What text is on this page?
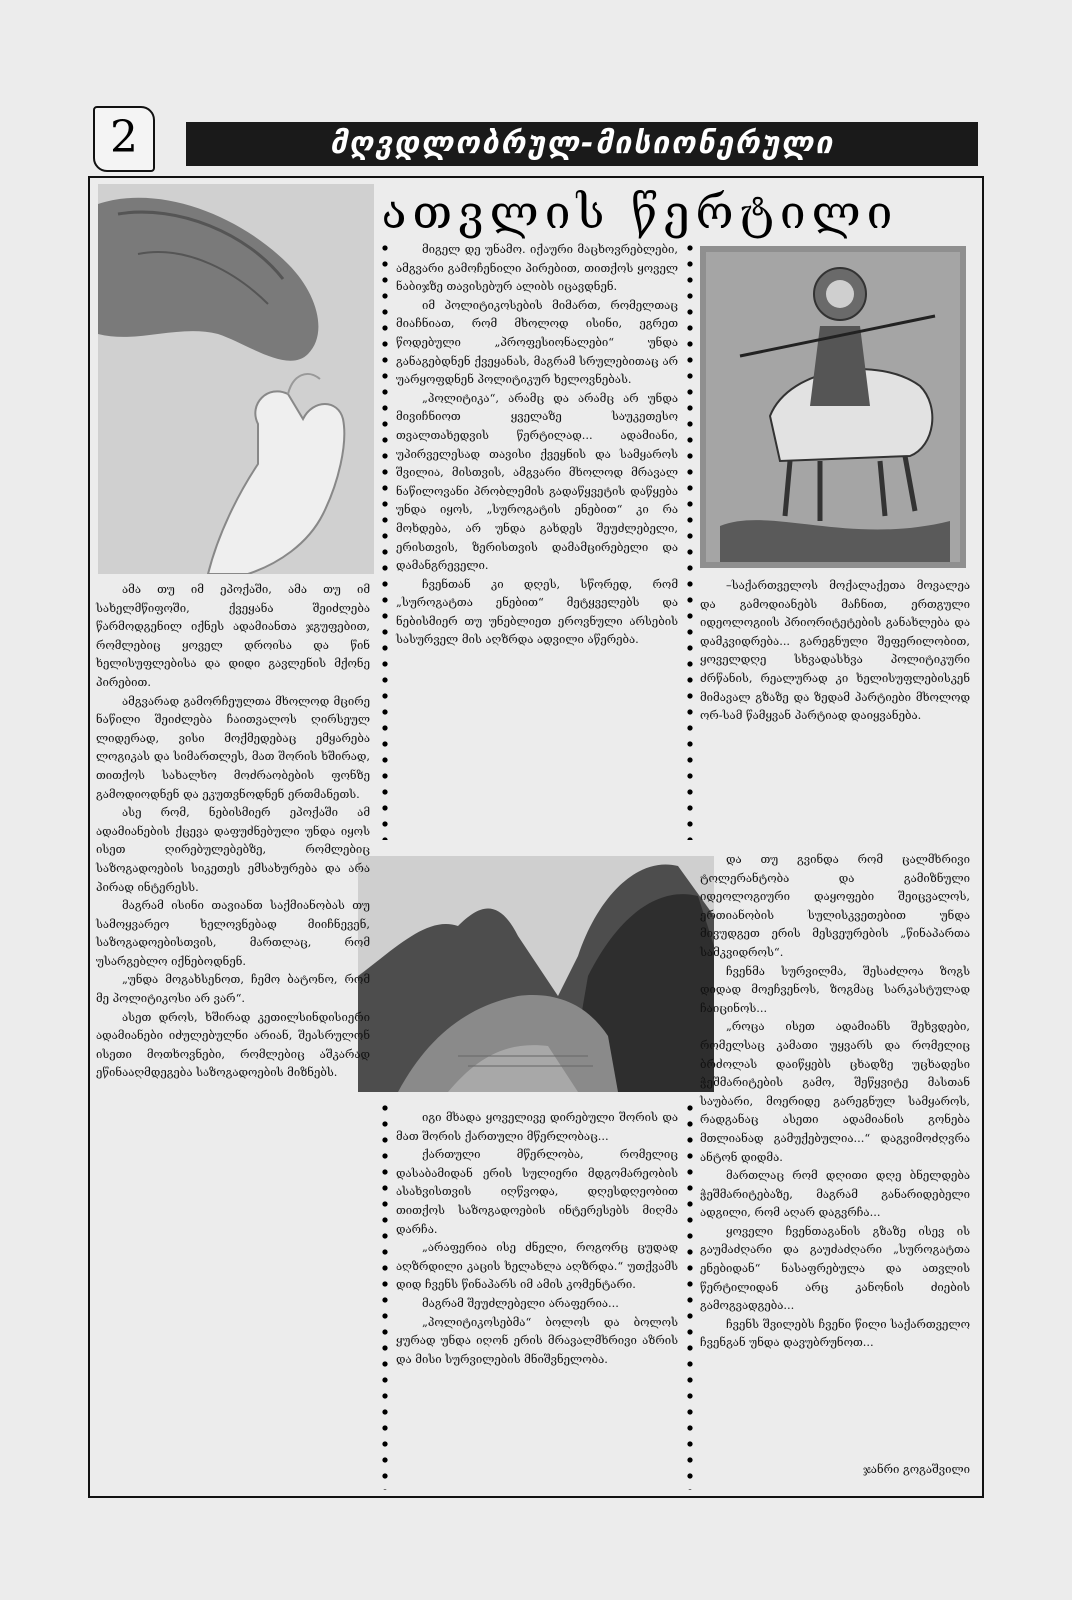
2	მღვდლობრულ-მისიონერული
ათვლის წერტილი

ამა თუ იმ ეპოქაში, ამა თუ იმ სახელმწიფოში, ქვეყანა შეიძლება წარმოდგენილ იქნეს ადამიანთა ჯგუფებით, რომლებიც ყოველ დროისა და წინ ხელისუფლებისა და დიდი გავლენის მქონე პირებით.

ამგვარად გამორჩეულთა მხოლოდ მცირე ნაწილი შეიძლება ჩაითვალოს ღირსეულ ლიდერად, ვისი მოქმედებაც ემყარება ლოგიკას და სიმართლეს, მათ შორის ხშირად, თითქოს სახალხო მოძრაობების ფონზე გამოდიოდნენ და ეკუთვნოდნენ ერთმანეთს.

ასე რომ, ნებისმიერ ეპოქაში ამ ადამიანების ქცევა დაფუძნებული უნდა იყოს ისეთ ღირებულებებზე, რომლებიც საზოგადოების სიკეთეს ემსახურება და არა პირად ინტერესს.

მაგრამ ისინი თავიანთ საქმიანობას თუ სამოყვარეო ხელოვნებად მიიჩნევენ, საზოგადოებისთვის, მართლაც, რომ უსარგებლო იქნებოდნენ.

„უნდა მოგახსენოთ, ჩემო ბატონო, რომ მე პოლიტიკოსი არ ვარ“.

ასეთ დროს, ხშირად კეთილსინდისიერი ადამიანები იძულებულნი არიან, შეასრულონ ისეთი მოთხოვნები, რომლებიც აშკარად ეწინააღმდეგება საზოგადოების მიზნებს.

მიგელ დე უნამო. იქაური მაცხოვრებლები, ამგვარი გამოჩენილი პირებით, თითქოს ყოველ ნაბიჯზე თავისებურ ალიბს იცავდნენ.

იმ პოლიტიკოსების მიმართ, რომელთაც მიაჩნიათ, რომ მხოლოდ ისინი, ეგრეთ წოდებული „პროფესიონალები“ უნდა განაგებდნენ ქვეყანას, მაგრამ სრულებითაც არ უარყოფდნენ პოლიტიკურ ხელოვნებას.

„პოლიტიკა“, არამც და არამც არ უნდა მივიჩნიოთ ყველაზე საუკეთესო თვალთახედვის წერტილად... ადამიანი, უპირველესად თავისი ქვეყნის და სამყაროს შვილია, მისთვის, ამგვარი მხოლოდ მრავალ ნაწილოვანი პრობლემის გადაწყვეტის დაწყება უნდა იყოს, „სუროგატის ენებით“ კი რა მოხდება, არ უნდა გახდეს შეუძლებელი, ერისთვის, ზერისთვის დამამცირებელი და დამანგრეველი.

ჩვენთან კი დღეს, სწორედ, რომ „სუროგატთა ენებით“ მეტყველებს და ნებისმიერ თუ უნებლიეთ ეროვნული არსების სასურველ მის აღზრდა ადვილი აწერება.

იგი მხადა ყოველივე დირებული შორის და მათ შორის ქართული მწერლობაც...

ქართული მწერლობა, რომელიც დასაბამიდან ერის სულიერი მდგომარეობის ასახვისთვის იღწვოდა, დღესდღეობით თითქოს საზოგადოების ინტერესებს მიღმა დარჩა.

„არაფერია ისე ძნელი, როგორც ცუდად აღზრდილი კაცის ხელახლა აღზრდა.“ უთქვამს დიდ ჩვენს წინაპარს იმ ამის კომენტარი.

მაგრამ შეუძლებელი არაფერია...

„პოლიტიკოსებმა“ ბოლოს და ბოლოს ყურად უნდა იღონ ერის მრავალმხრივი აზრის და მისი სურვილების მნიშვნელობა.

–საქართველოს მოქალაქეთა მოვალეა და გამოდიანებს მაჩნით, ერთგული იდეოლოგიის პრიორიტეტების განახლება და დამკვიდრება... გარეგნული შეფერილობით, ყოველდღე სხვადასხვა პოლიტიკური ძრწანის, რეალურად კი ხელისუფლებისკენ მიმავალ გზაზე და ზედამ პარტიები მხოლოდ ორ-სამ წამყვან პარტიად დაიყვანება.

და თუ გვინდა რომ ცალმხრივი ტოლერანტობა და გამიზნული იდეოლოგიური დაყოფები შეიცვალოს, ერთიანობის სულისკვეთებით უნდა მივუდგეთ ერის მესვეურების „წინაპართა სამკვიდროს“.

ჩვენმა სურვილმა, შესაძლოა ზოგს დიდად მოეჩვენოს, ზოგმაც სარკასტულად ჩაიცინოს...

„როცა ისეთ ადამიანს შეხვდები, რომელსაც კამათი უყვარს და რომელიც ბრძოლას დაიწყებს ცხადზე უცხადესი ჭეშმარიტების გამო, შეწყვიტე მასთან საუბარი, მოერიდე გარეგნულ სამყაროს, რადგანაც ასეთი ადამიანის გონება მთლიანად გამუქებულია...“ დაგვიმოძღვრა ანტონ დიდმა.

მართლაც რომ დღითი დღე ბნელდება ჭეშმარიტებაზე, მაგრამ განარიდებელი ადგილი, რომ აღარ დაგვრჩა...

ყოველი ჩვენთაგანის გზაზე ისევ ის გაუმაძღარი და გაუძაძღარი „სუროგატთა ენებიდან“ ნასაფრებულა და ათვლის წერტილიდან არც კანონის ძიების გამოგვადგება...

ჩვენს შვილებს ჩვენი წილი საქართველო ჩვენგან უნდა დავუბრუნოთ...

ჯანრი გოგაშვილი
